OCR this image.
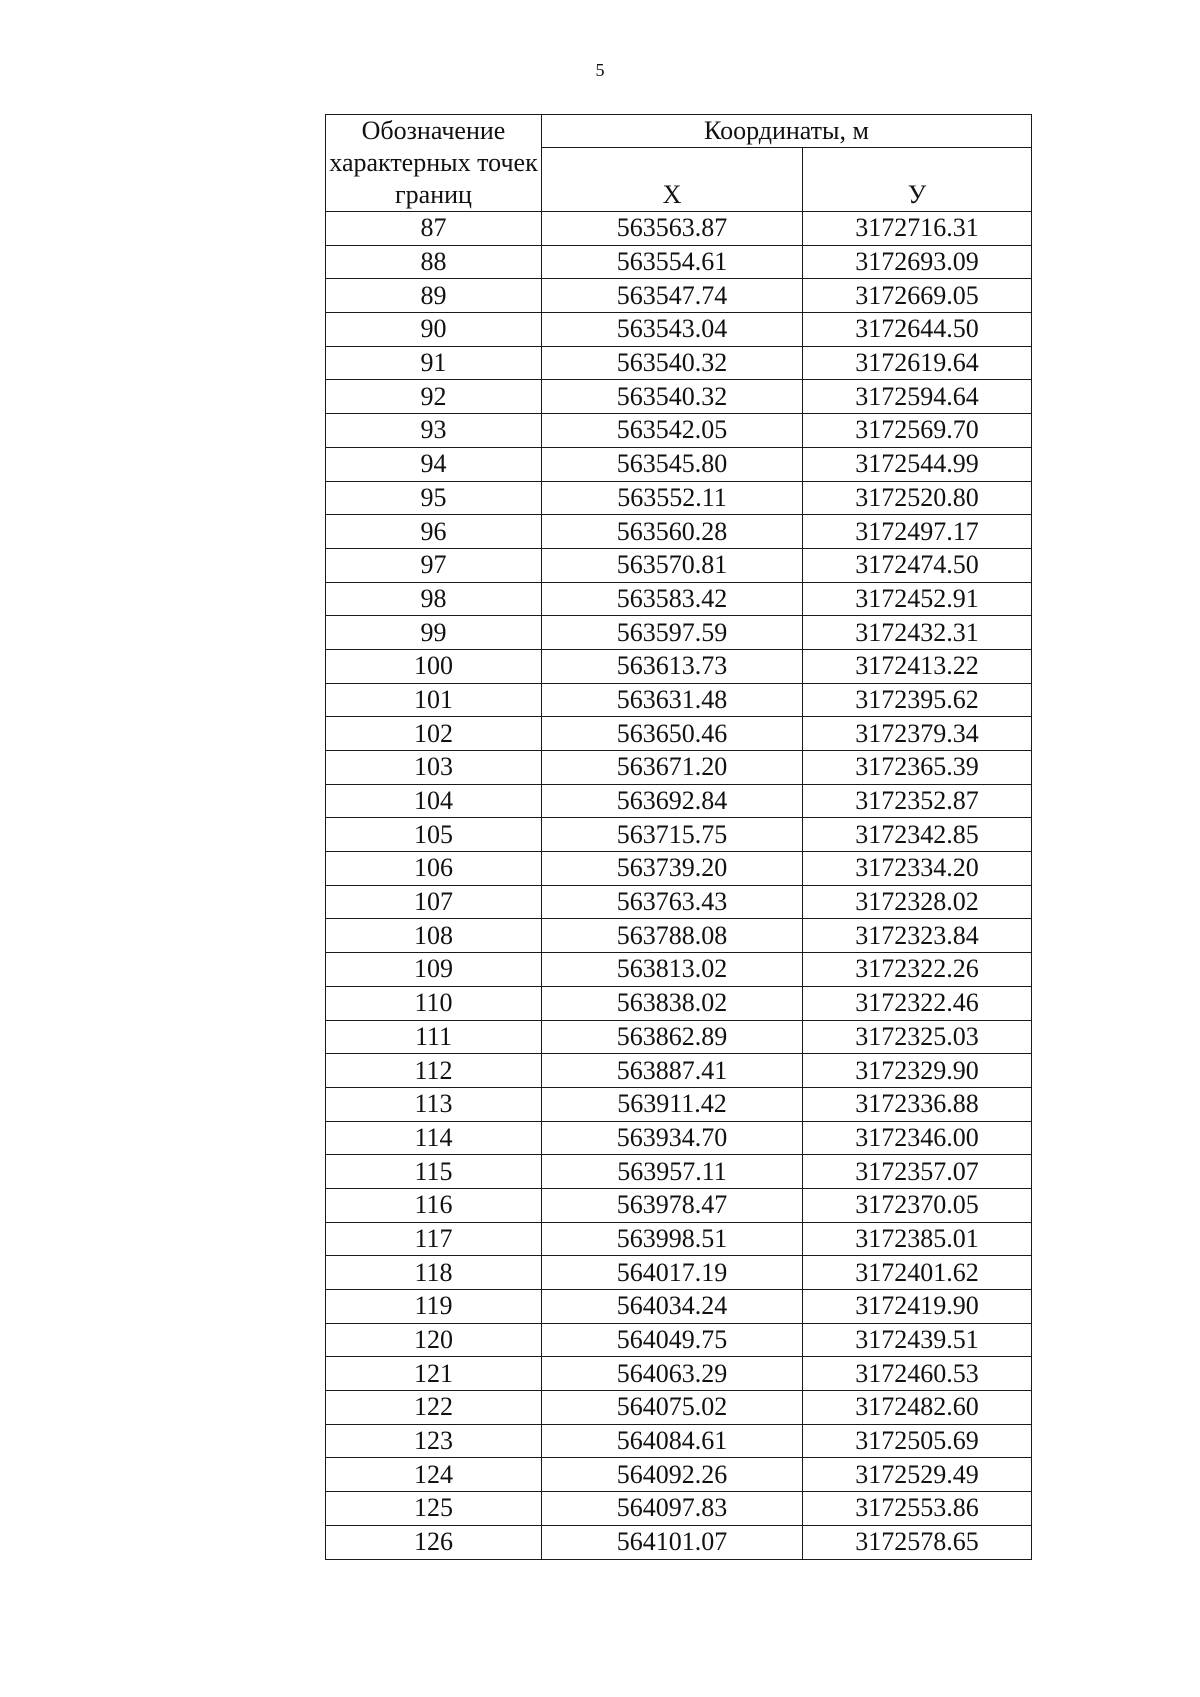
5
Обозначение характерных точек границ	Координаты, м	
	Х	У
87	563563.87	3172716.31
88	563554.61	3172693.09
89	563547.74	3172669.05
90	563543.04	3172644.50
91	563540.32	3172619.64
92	563540.32	3172594.64
93	563542.05	3172569.70
94	563545.80	3172544.99
95	563552.11	3172520.80
96	563560.28	3172497.17
97	563570.81	3172474.50
98	563583.42	3172452.91
99	563597.59	3172432.31
100	563613.73	3172413.22
101	563631.48	3172395.62
102	563650.46	3172379.34
103	563671.20	3172365.39
104	563692.84	3172352.87
105	563715.75	3172342.85
106	563739.20	3172334.20
107	563763.43	3172328.02
108	563788.08	3172323.84
109	563813.02	3172322.26
110	563838.02	3172322.46
111	563862.89	3172325.03
112	563887.41	3172329.90
113	563911.42	3172336.88
114	563934.70	3172346.00
115	563957.11	3172357.07
116	563978.47	3172370.05
117	563998.51	3172385.01
118	564017.19	3172401.62
119	564034.24	3172419.90
120	564049.75	3172439.51
121	564063.29	3172460.53
122	564075.02	3172482.60
123	564084.61	3172505.69
124	564092.26	3172529.49
125	564097.83	3172553.86
126	564101.07	3172578.65
